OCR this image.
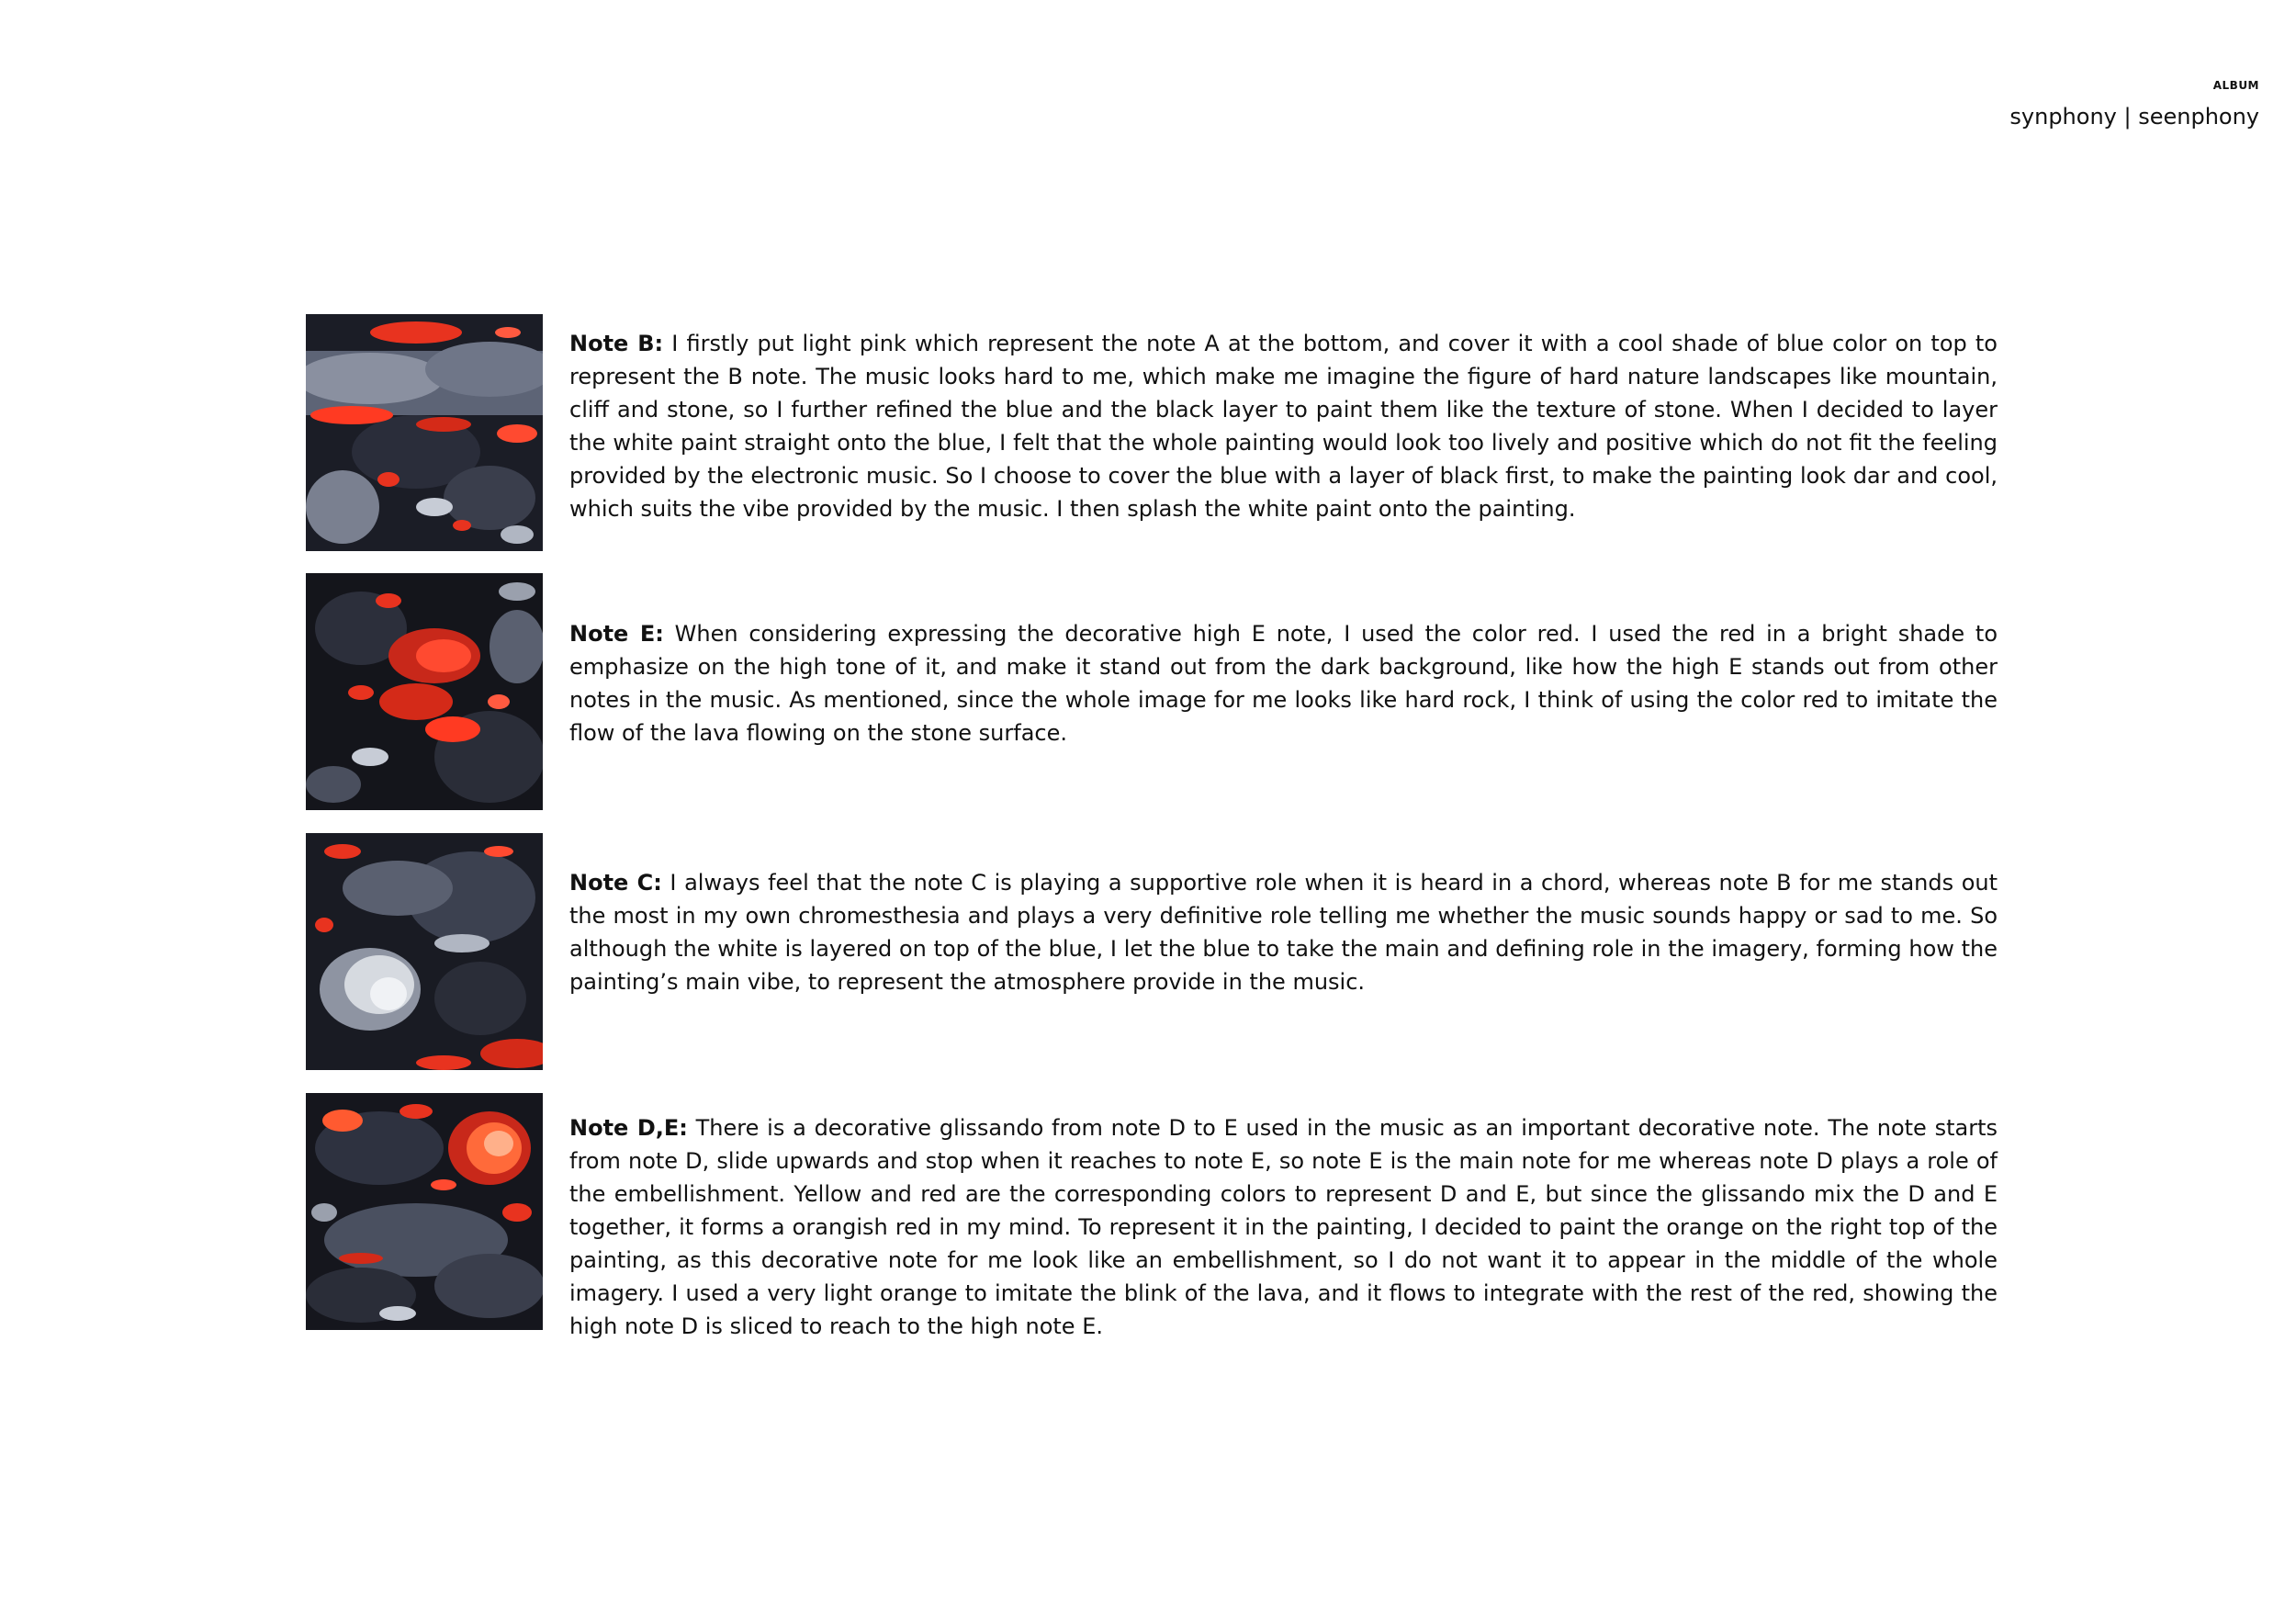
ALBUM
synphony | seenphony

Note B: I firstly put light pink which represent the note A at the bottom, and cover it with a cool shade of blue color on top to represent the B note. The music looks hard to me, which make me imagine the figure of hard nature landscapes like mountain, cliff and stone, so I further refined the blue and the black layer to paint them like the texture of stone. When I decided to layer the white paint straight onto the blue, I felt that the whole painting would look too lively and positive which do not fit the feeling provided by the electronic music. So I choose to cover the blue with a layer of black first, to make the painting look dar and cool, which suits the vibe provided by the music. I then splash the white paint onto the painting.

Note E: When considering expressing the decorative high E note, I used the color red. I used the red in a bright shade to emphasize on the high tone of it, and make it stand out from the dark background, like how the high E stands out from other notes in the music. As mentioned, since the whole image for me looks like hard rock, I think of using the color red to imitate the flow of the lava flowing on the stone surface.

Note C: I always feel that the note C is playing a supportive role when it is heard in a chord, whereas note B for me stands out the most in my own chromesthesia and plays a very definitive role telling me whether the music sounds happy or sad to me. So although the white is layered on top of the blue, I let the blue to take the main and defining role in the imagery, forming how the painting’s main vibe, to represent the atmosphere provide in the music.

Note D,E: There is a decorative glissando from note D to E used in the music as an important decorative note. The note starts from note D, slide upwards and stop when it reaches to note E, so note E is the main note for me whereas note D plays a role of the embellishment. Yellow and red are the corresponding colors to represent D and E, but since the glissando mix the D and E together, it forms a orangish red in my mind. To represent it in the painting, I decided to paint the orange on the right top of the painting, as this decorative note for me look like an embellishment, so I do not want it to appear in the middle of the whole imagery. I used a very light orange to imitate the blink of the lava, and it flows to integrate with the rest of the red, showing the high note D is sliced to reach to the high note E.
